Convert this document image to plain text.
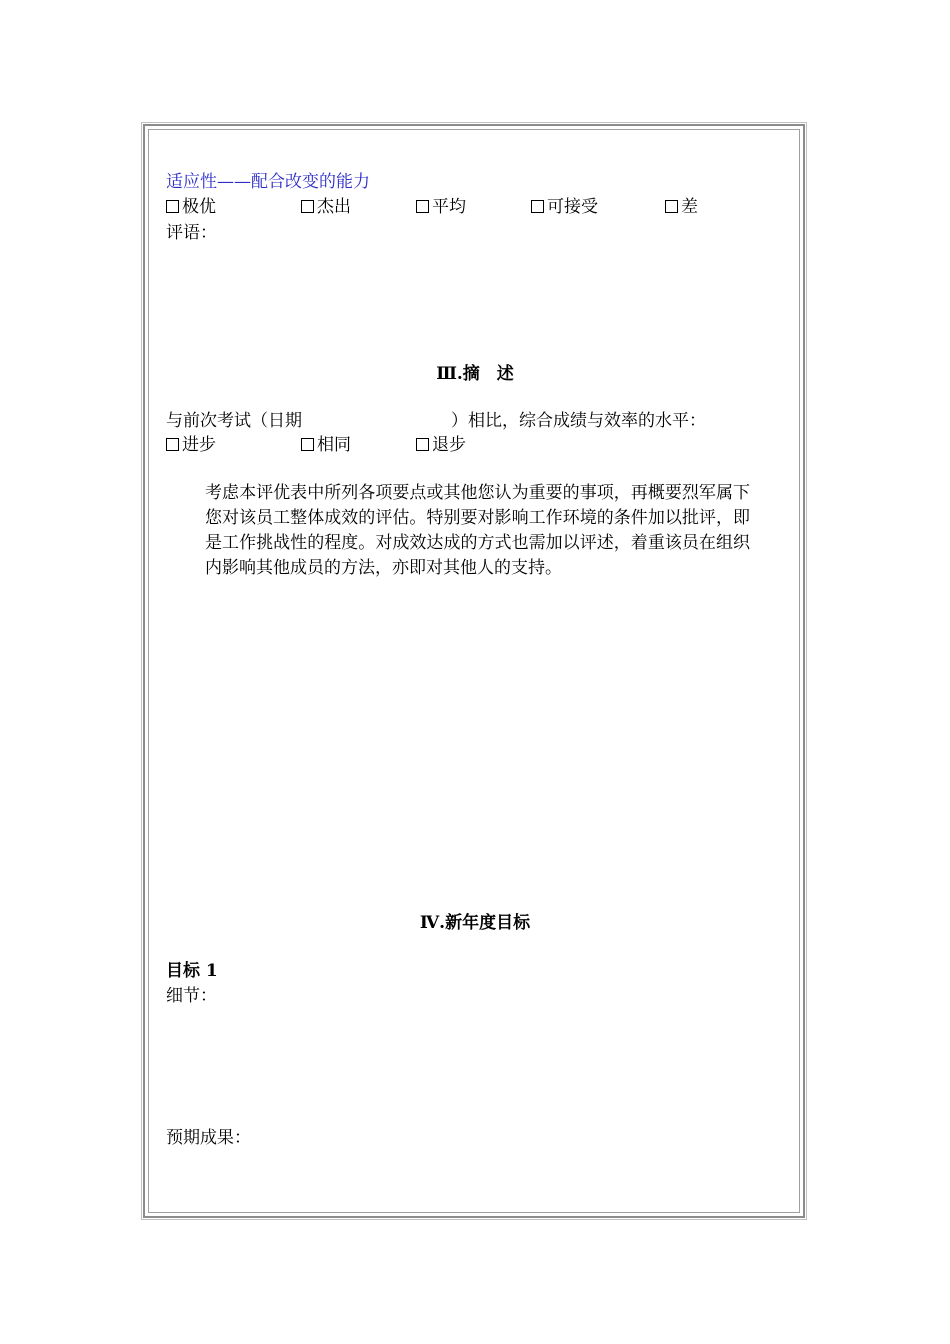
适应性——配合改变的能力
极优	杰出	平均	可接受	差
评语：
Ⅲ.摘　述
与前次考试（日期	）相比，综合成绩与效率的水平：
进步	相同	退步
考虑本评优表中所列各项要点或其他您认为重要的事项，再概要烈军属下您对该员工整体成效的评估。特别要对影响工作环境的条件加以批评，即是工作挑战性的程度。对成效达成的方式也需加以评述，着重该员在组织内影响其他成员的方法，亦即对其他人的支持。
Ⅳ.新年度目标
目标 1
细节：
预期成果：
